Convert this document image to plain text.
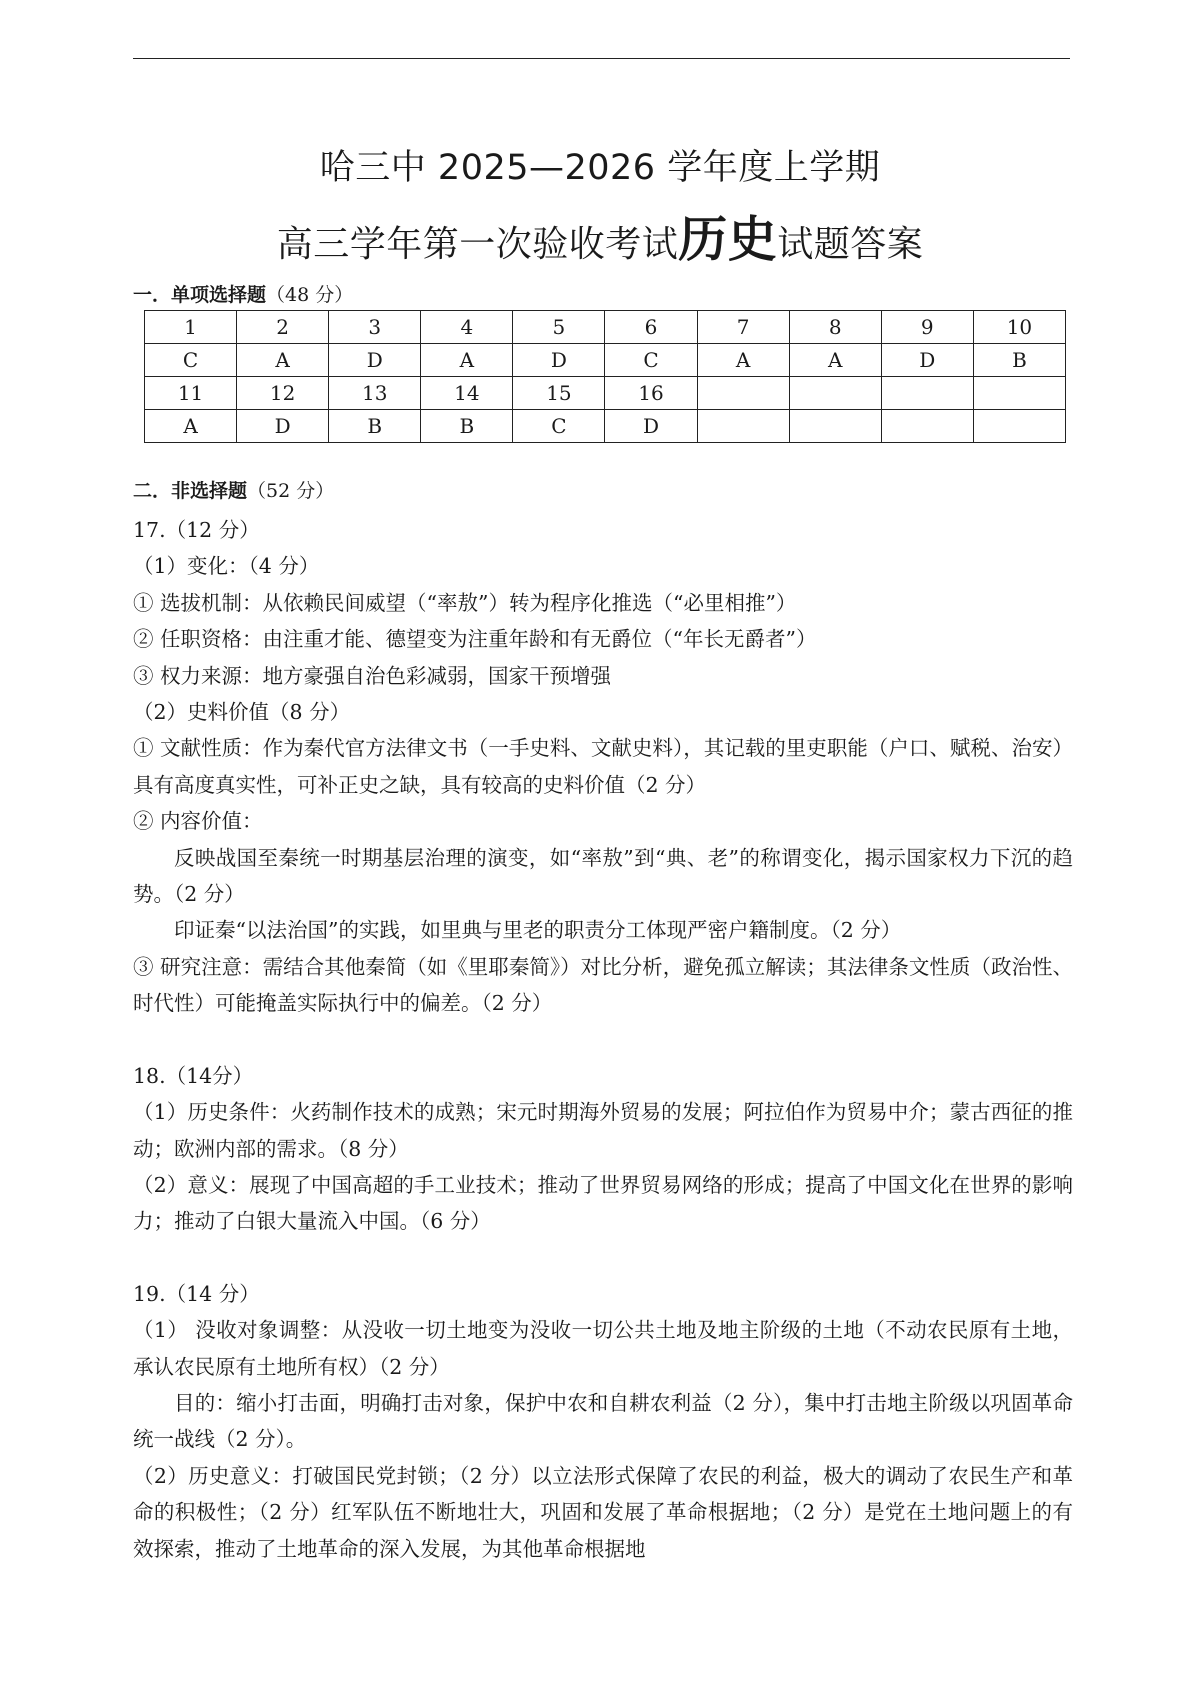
哈三中 2025—2026 学年度上学期
高三学年第一次验收考试历史试题答案
一．单项选择题（48 分）
1	2	3	4	5	6	7	8	9	10
C	A	D	A	D	C	A	A	D	B
11	12	13	14	15	16				
A	D	B	B	C	D				
二．非选择题（52 分）

17.（12 分）

（1）变化：（4 分）

① 选拔机制：从依赖民间威望（“率敖”）转为程序化推选（“必里相推”）

② 任职资格：由注重才能、德望变为注重年龄和有无爵位（“年长无爵者”）

③ 权力来源：地方豪强自治色彩减弱，国家干预增强

（2）史料价值（8 分）

① 文献性质：作为秦代官方法律文书（一手史料、文献史料），其记载的里吏职能（户口、赋税、治安）具有高度真实性，可补正史之缺，具有较高的史料价值（2 分）

② 内容价值：

反映战国至秦统一时期基层治理的演变，如“率敖”到“典、老”的称谓变化，揭示国家权力下沉的趋势。（2 分）

印证秦“以法治国”的实践，如里典与里老的职责分工体现严密户籍制度。（2 分）

③ 研究注意：需结合其他秦简（如《里耶秦简》）对比分析，避免孤立解读；其法律条文性质（政治性、时代性）可能掩盖实际执行中的偏差。（2 分）

18.（14分）

（1）历史条件：火药制作技术的成熟；宋元时期海外贸易的发展；阿拉伯作为贸易中介；蒙古西征的推动；欧洲内部的需求。（8 分）

（2）意义：展现了中国高超的手工业技术；推动了世界贸易网络的形成；提高了中国文化在世界的影响力；推动了白银大量流入中国。（6 分）

19.（14 分）

（1） 没收对象调整：从没收一切土地变为没收一切公共土地及地主阶级的土地（不动农民原有土地，承认农民原有土地所有权）（2 分）

目的：缩小打击面，明确打击对象，保护中农和自耕农利益（2 分），集中打击地主阶级以巩固革命统一战线（2 分）。

（2）历史意义：打破国民党封锁；（2 分）以立法形式保障了农民的利益，极大的调动了农民生产和革命的积极性；（2 分）红军队伍不断地壮大，巩固和发展了革命根据地；（2 分）是党在土地问题上的有效探索，推动了土地革命的深入发展，为其他革命根据地
